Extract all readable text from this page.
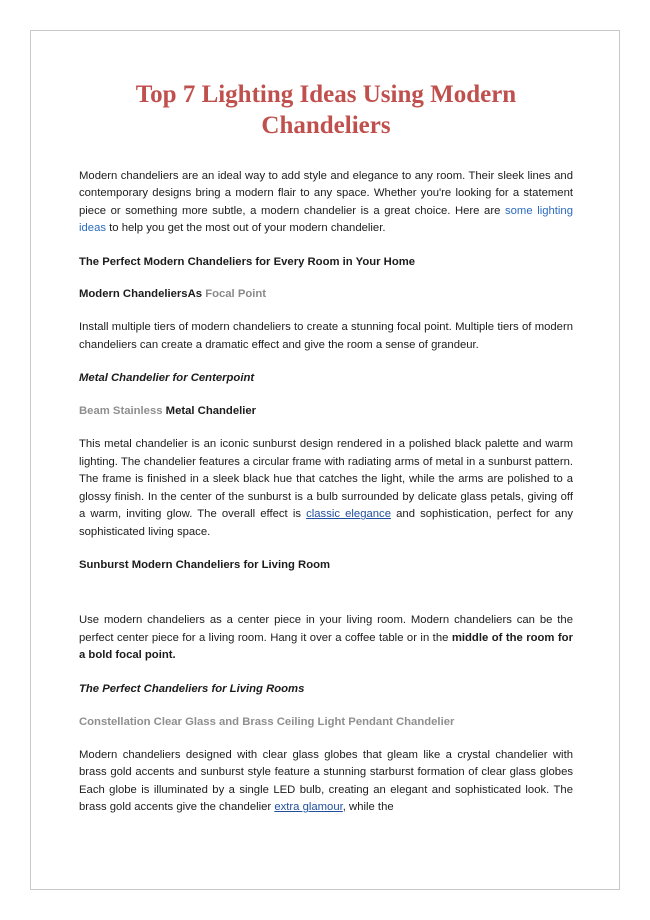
Top 7 Lighting Ideas Using Modern Chandeliers

Modern chandeliers are an ideal way to add style and elegance to any room. Their sleek lines and contemporary designs bring a modern flair to any space. Whether you're looking for a statement piece or something more subtle, a modern chandelier is a great choice. Here are some lighting ideas to help you get the most out of your modern chandelier.

The Perfect Modern Chandeliers for Every Room in Your Home
Modern ChandeliersAs Focal Point

Install multiple tiers of modern chandeliers to create a stunning focal point. Multiple tiers of modern chandeliers can create a dramatic effect and give the room a sense of grandeur.

Metal Chandelier for Centerpoint
Beam Stainless Metal Chandelier

This metal chandelier is an iconic sunburst design rendered in a polished black palette and warm lighting. The chandelier features a circular frame with radiating arms of metal in a sunburst pattern. The frame is finished in a sleek black hue that catches the light, while the arms are polished to a glossy finish. In the center of the sunburst is a bulb surrounded by delicate glass petals, giving off a warm, inviting glow. The overall effect is classic elegance and sophistication, perfect for any sophisticated living space.

Sunburst Modern Chandeliers for Living Room

Use modern chandeliers as a center piece in your living room. Modern chandeliers can be the perfect center piece for a living room. Hang it over a coffee table or in the middle of the room for a bold focal point.

The Perfect Chandeliers for Living Rooms
Constellation Clear Glass and Brass Ceiling Light Pendant Chandelier

Modern chandeliers designed with clear glass globes that gleam like a crystal chandelier with brass gold accents and sunburst style feature a stunning starburst formation of clear glass globes Each globe is illuminated by a single LED bulb, creating an elegant and sophisticated look. The brass gold accents give the chandelier extra glamour, while the
